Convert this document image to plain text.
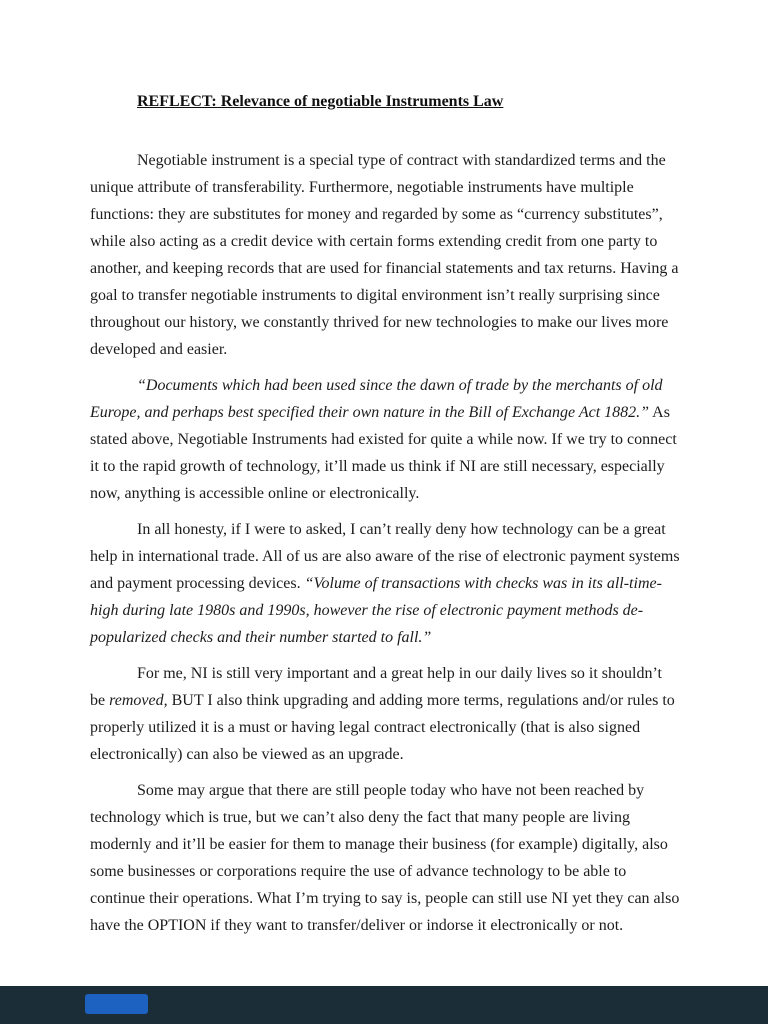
REFLECT: Relevance of negotiable Instruments Law

Negotiable instrument is a special type of contract with standardized terms and the unique attribute of transferability. Furthermore, negotiable instruments have multiple functions: they are substitutes for money and regarded by some as “currency substitutes”, while also acting as a credit device with certain forms extending credit from one party to another, and keeping records that are used for financial statements and tax returns. Having a goal to transfer negotiable instruments to digital environment isn’t really surprising since throughout our history, we constantly thrived for new technologies to make our lives more developed and easier.

“Documents which had been used since the dawn of trade by the merchants of old Europe, and perhaps best specified their own nature in the Bill of Exchange Act 1882.” As stated above, Negotiable Instruments had existed for quite a while now. If we try to connect it to the rapid growth of technology, it’ll made us think if NI are still necessary, especially now, anything is accessible online or electronically.

In all honesty, if I were to asked, I can’t really deny how technology can be a great help in international trade. All of us are also aware of the rise of electronic payment systems and payment processing devices. “Volume of transactions with checks was in its all-time-high during late 1980s and 1990s, however the rise of electronic payment methods de-popularized checks and their number started to fall.”

For me, NI is still very important and a great help in our daily lives so it shouldn’t be removed, BUT I also think upgrading and adding more terms, regulations and/or rules to properly utilized it is a must or having legal contract electronically (that is also signed electronically) can also be viewed as an upgrade.

Some may argue that there are still people today who have not been reached by technology which is true, but we can’t also deny the fact that many people are living modernly and it’ll be easier for them to manage their business (for example) digitally, also some businesses or corporations require the use of advance technology to be able to continue their operations. What I’m trying to say is, people can still use NI yet they can also have the OPTION if they want to transfer/deliver or indorse it electronically or not.
